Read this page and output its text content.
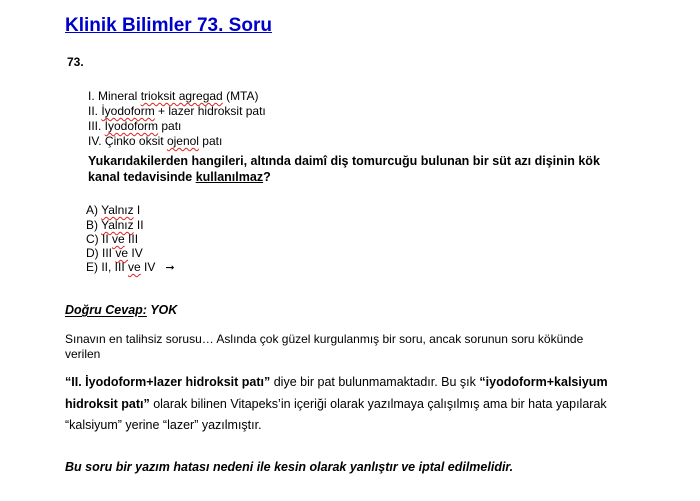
Klinik Bilimler 73. Soru
73.
I. Mineral trioksit agregad (MTA)
II. İyodoform + lazer hidroksit patı
III. İyodoform patı
IV. Çinko oksit ojenol patı
Yukarıdakilerden hangileri, altında daimî diş tomurcuğu bulunan bir süt azı dişinin kök
kanal tedavisinde kullanılmaz?
A) Yalnız I
B) Yalnız II
C) II ve III
D) III ve IV
E) II, III ve IV ➞
Doğru Cevap: YOK
Sınavın en talihsiz sorusu… Aslında çok güzel kurgulanmış bir soru, ancak sorunun soru kökünde
verilen
“II. İyodoform+lazer hidroksit patı” diye bir pat bulunmamaktadır. Bu şık “iyodoform+kalsiyum
hidroksit patı” olarak bilinen Vitapeks’in içeriği olarak yazılmaya çalışılmış ama bir hata yapılarak
“kalsiyum” yerine “lazer” yazılmıştır.
Bu soru bir yazım hatası nedeni ile kesin olarak yanlıştır ve iptal edilmelidir.
